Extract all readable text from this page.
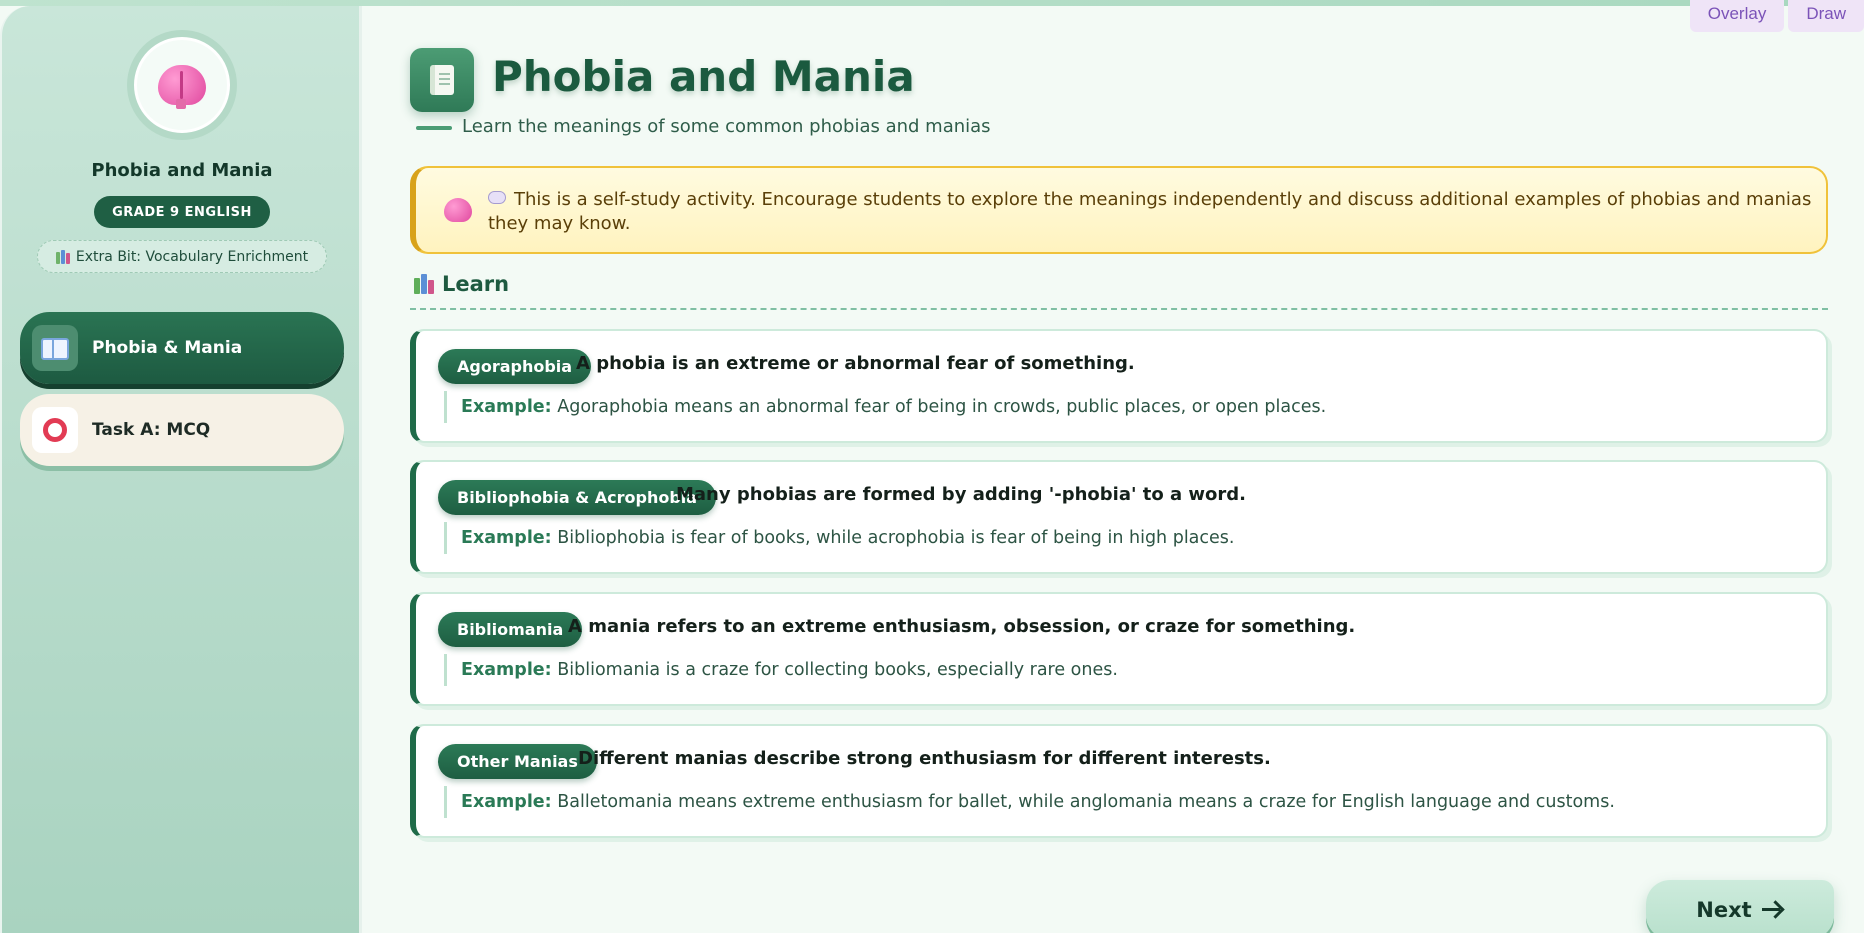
Overlay	Draw
Phobia and Mania
GRADE 9 ENGLISH
Extra Bit: Vocabulary Enrichment
Phobia & Mania
Task A: MCQ
Phobia and Mania
Learn the meanings of some common phobias and manias
This is a self-study activity. Encourage students to explore the meanings independently and discuss additional examples of phobias and manias they may know.
Learn
Agoraphobia A phobia is an extreme or abnormal fear of something.
Example: Agoraphobia means an abnormal fear of being in crowds, public places, or open places.
Bibliophobia & Acrophobia
Many phobias are formed by adding '-phobia' to a word.
Example: Bibliophobia is fear of books, while acrophobia is fear of being in high places.
Bibliomania A mania refers to an extreme enthusiasm, obsession, or craze for something.
Example: Bibliomania is a craze for collecting books, especially rare ones.
Other Manias Different manias describe strong enthusiasm for different interests.
Example: Balletomania means extreme enthusiasm for ballet, while anglomania means a craze for English language and customs.
Next
